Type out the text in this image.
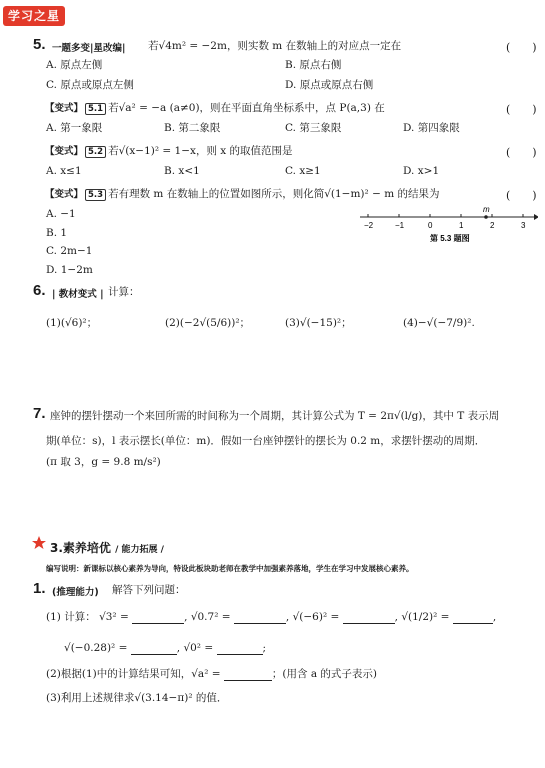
学习之星
5. 一题多变|星改编| 若√4m² = −2m，则实数 m 在数轴上的对应点一定在	(　　)
A. 原点左侧	B. 原点右侧
C. 原点或原点左侧	D. 原点或原点右侧
【变式】 5.1 若√a² = −a (a≠0)，则在平面直角坐标系中，点 P(a,3) 在	(　　)
A. 第一象限	B. 第二象限	C. 第三象限	D. 第四象限
【变式】 5.2 若√(x−1)² = 1−x，则 x 的取值范围是	(　　)
A. x≤1	B. x<1	C. x≥1	D. x>1
【变式】 5.3 若有理数 m 在数轴上的位置如图所示，则化简√(1−m)² − m 的结果为	(　　)
A. −1
B. 1
C. 2m−1
D. 1−2m
m
−2	−1	0	1	2	3
第 5.3 题图
6. | 教材变式 | 计算：
(1)(√6)²；	(2)(−2√(5/6))²；	(3)√(−15)²；	(4)−√(−7/9)².
7. 座钟的摆针摆动一个来回所需的时间称为一个周期，其计算公式为 T = 2π√(l/g)，其中 T 表示周
期(单位：s)，l 表示摆长(单位：m)．假如一台座钟摆针的摆长为 0.2 m，求摆针摆动的周期．
(π 取 3，g = 9.8 m/s²)
3.素养培优 / 能力拓展 /
编写说明：新课标以核心素养为导向，特设此板块助老师在教学中加强素养落地，学生在学习中发展核心素养。
1. (推理能力) 解答下列问题：
(1) 计算： √3² =	, √0.7² =	, √(−6)² =	, √(1/2)² =	,
√(−0.28)² =	, √0² =	;
(2)根据(1)中的计算结果可知，√a² =	；(用含 a 的式子表示)
(3)利用上述规律求√(3.14−π)² 的值．
